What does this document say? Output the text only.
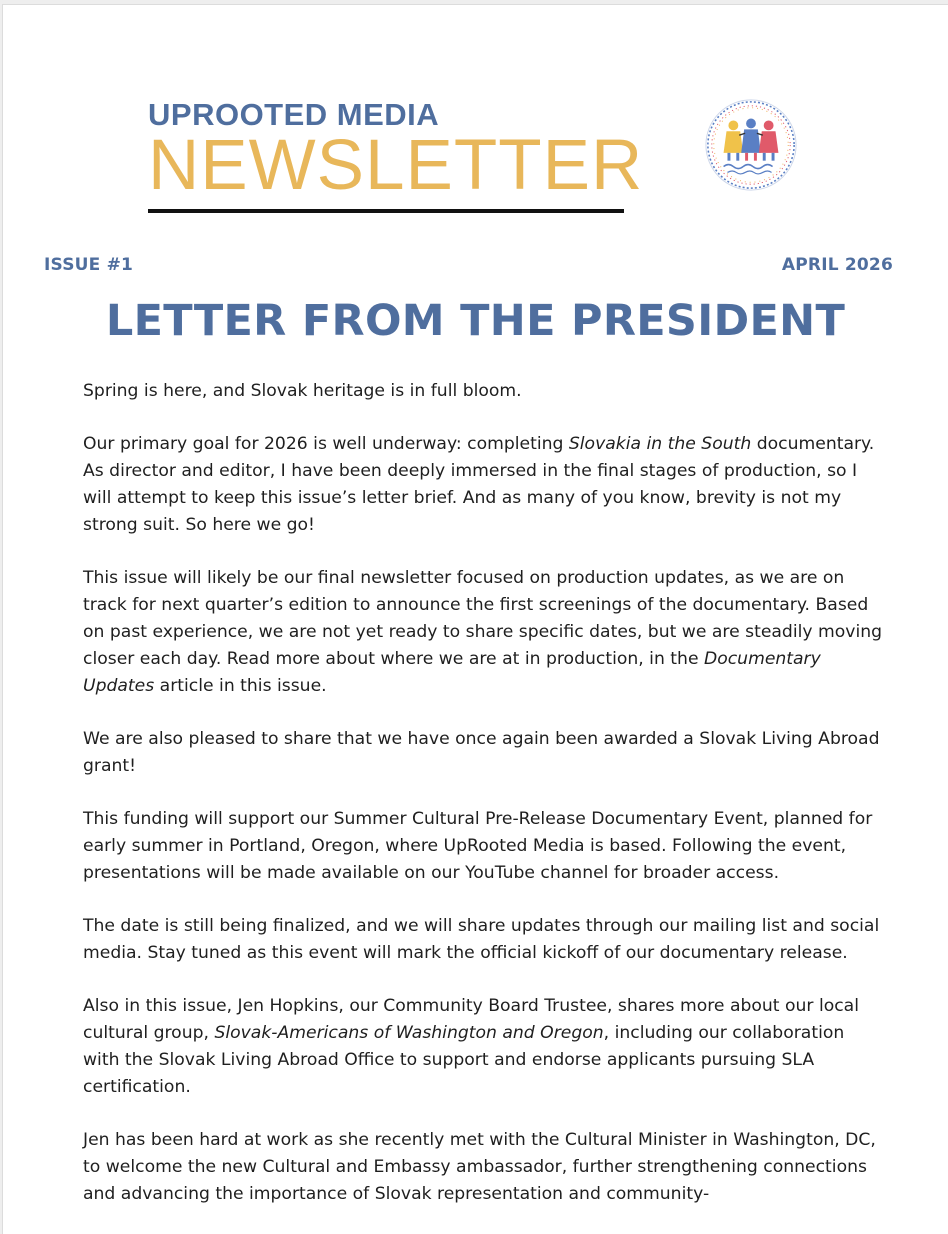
UPROOTED MEDIA
NEWSLETTER
ISSUE #1	APRIL 2026
LETTER FROM THE PRESIDENT

Spring is here, and Slovak heritage is in full bloom.

Our primary goal for 2026 is well underway: completing Slovakia in the South documentary. As director and editor, I have been deeply immersed in the final stages of production, so I will attempt to keep this issue’s letter brief. And as many of you know, brevity is not my strong suit. So here we go!

This issue will likely be our final newsletter focused on production updates, as we are on track for next quarter’s edition to announce the first screenings of the documentary. Based on past experience, we are not yet ready to share specific dates, but we are steadily moving closer each day. Read more about where we are at in production, in the Documentary Updates article in this issue.

We are also pleased to share that we have once again been awarded a Slovak Living Abroad grant!

This funding will support our Summer Cultural Pre-Release Documentary Event, planned for early summer in Portland, Oregon, where UpRooted Media is based. Following the event, presentations will be made available on our YouTube channel for broader access.

The date is still being finalized, and we will share updates through our mailing list and social media. Stay tuned as this event will mark the official kickoff of our documentary release.

Also in this issue, Jen Hopkins, our Community Board Trustee, shares more about our local cultural group, Slovak-Americans of Washington and Oregon, including our collaboration with the Slovak Living Abroad Office to support and endorse applicants pursuing SLA certification.

Jen has been hard at work as she recently met with the Cultural Minister in Washington, DC, to welcome the new Cultural and Embassy ambassador, further strengthening connections and advancing the importance of Slovak representation and community-
